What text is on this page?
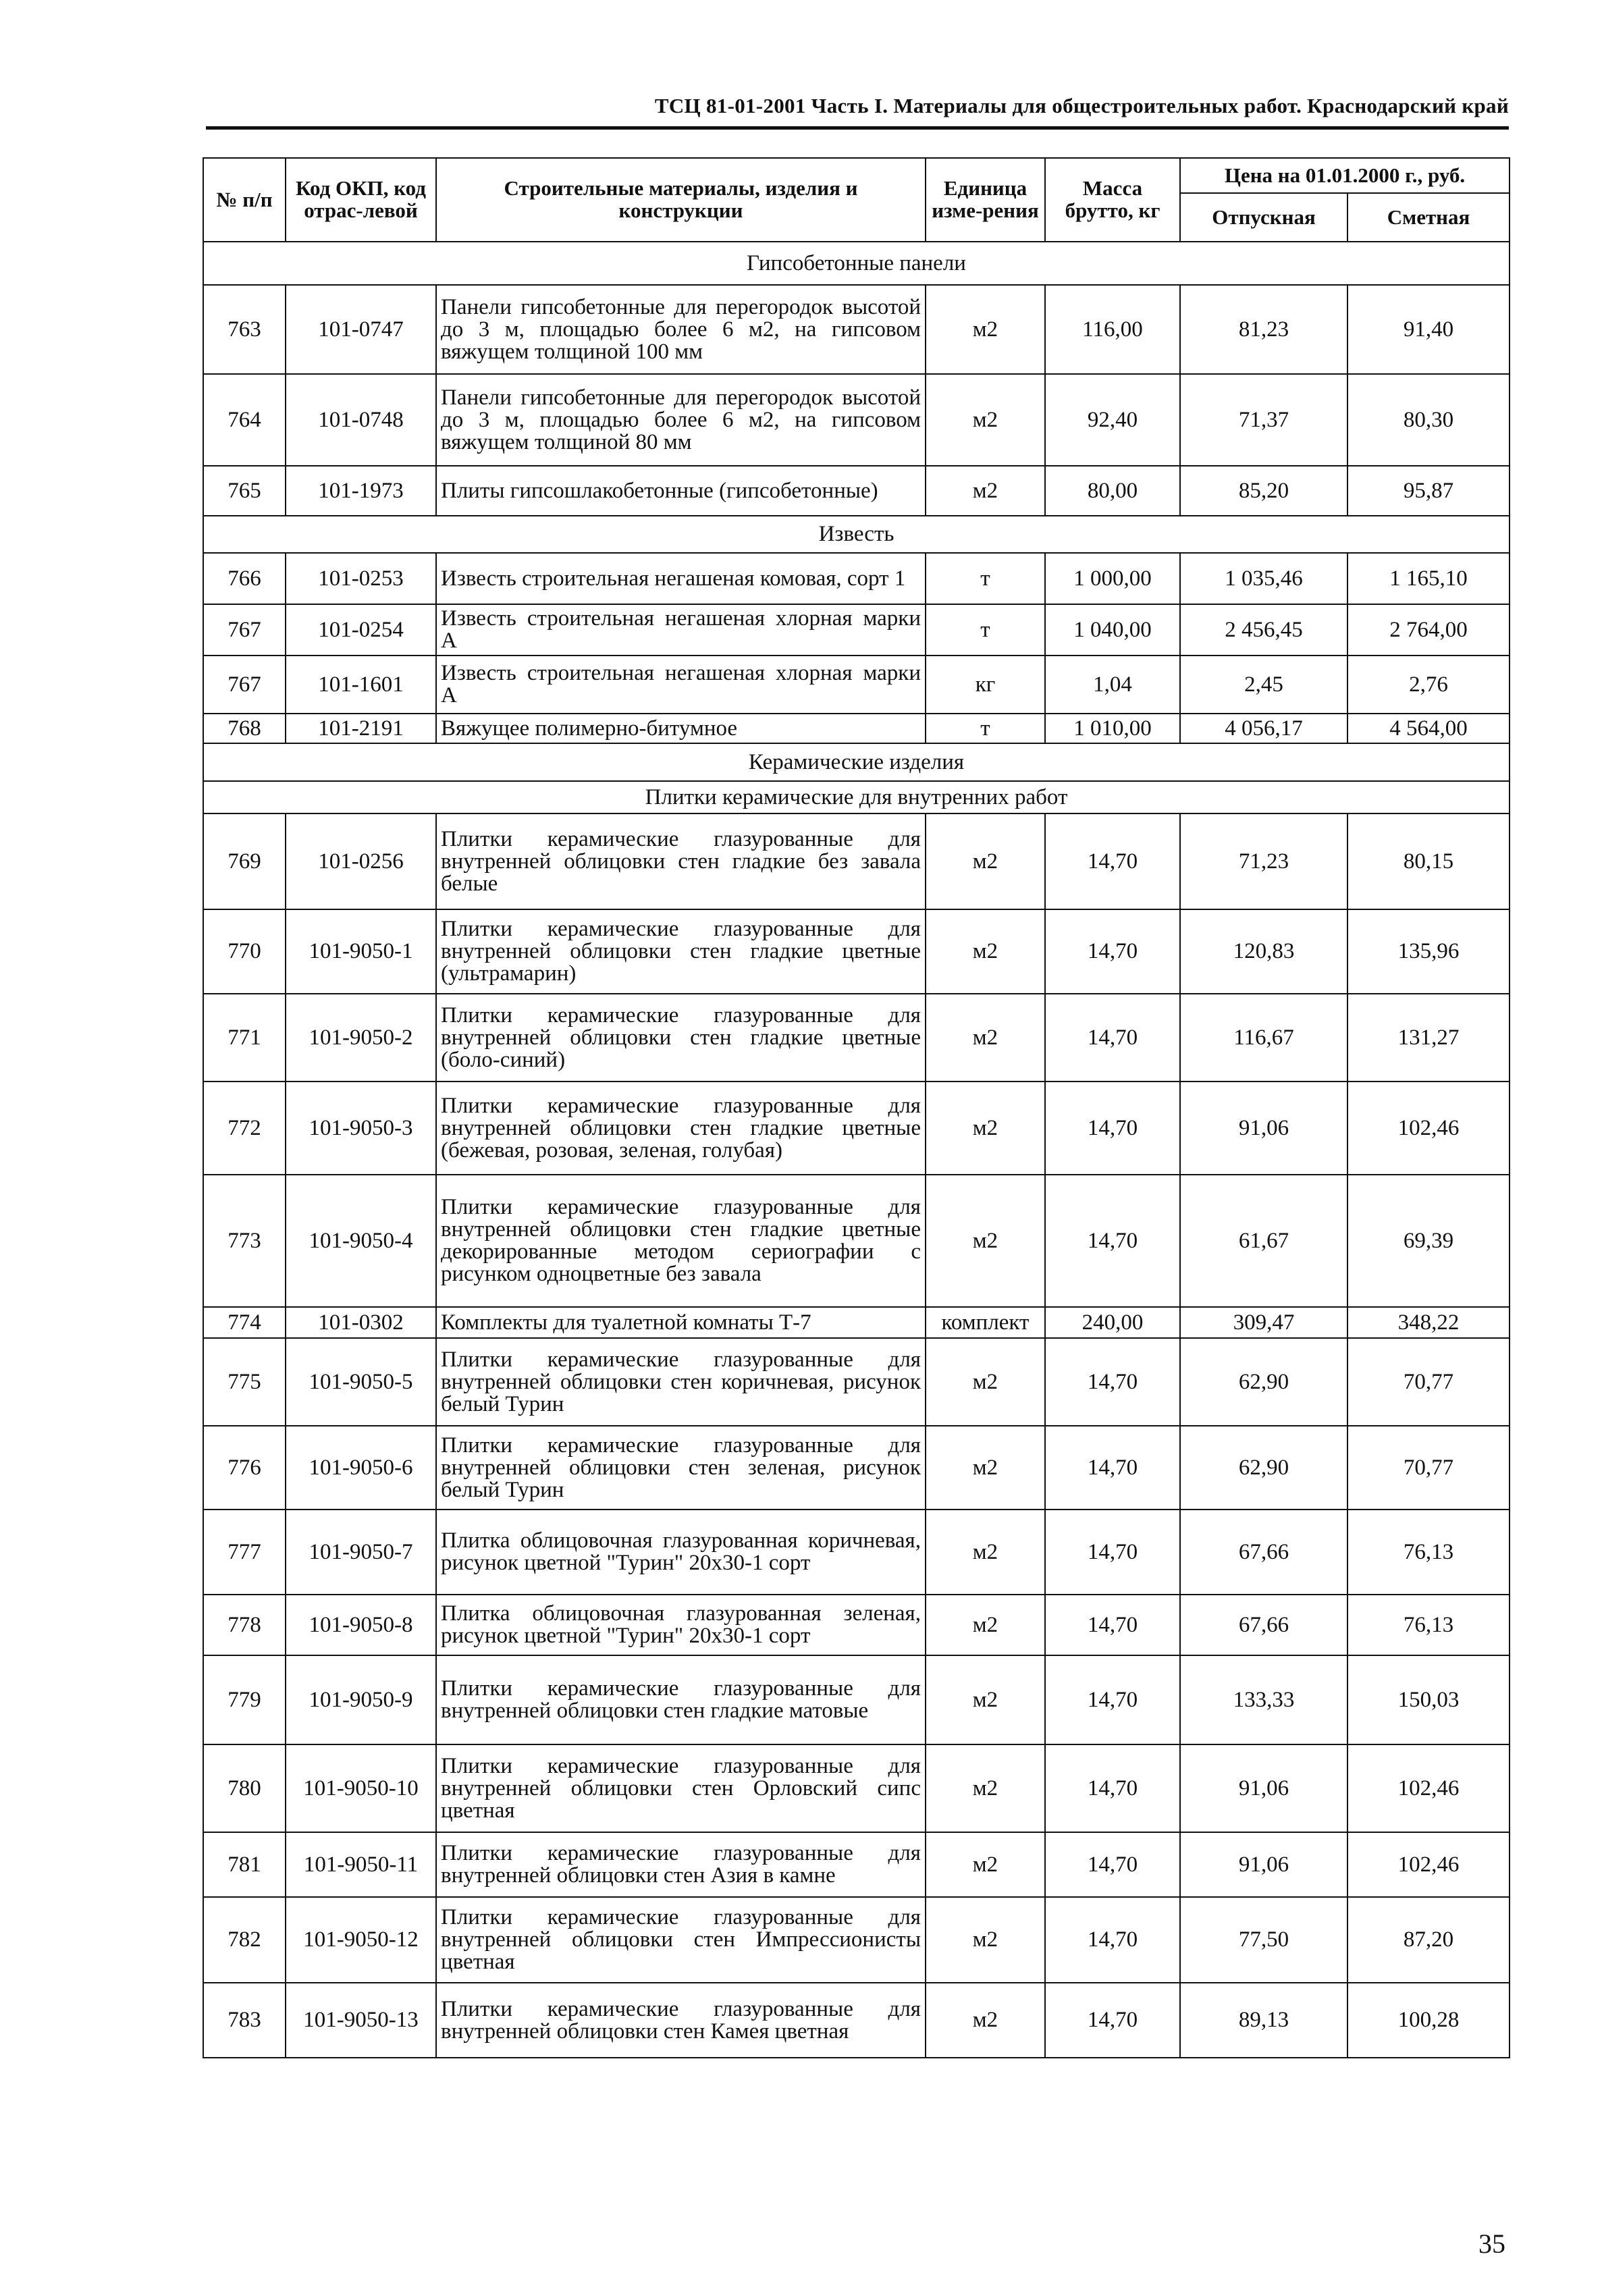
ТСЦ 81-01-2001 Часть I. Материалы для общестроительных работ. Краснодарский край
№ п/п	Код ОКП, код отрас-левой	Строительные материалы, изделия и конструкции	Единица изме-рения	Масса брутто, кг	Цена на 01.01.2000 г., руб.	
					Отпускная	Сметная
Гипсобетонные панели						
763	101-0747	Панели гипсобетонные для перегородок высотой до 3 м, площадью более 6 м2, на гипсовом вяжущем толщиной 100 мм	м2	116,00	81,23	91,40
764	101-0748	Панели гипсобетонные для перегородок высотой до 3 м, площадью более 6 м2, на гипсовом вяжущем толщиной 80 мм	м2	92,40	71,37	80,30
765	101-1973	Плиты гипсошлакобетонные (гипсобетонные)	м2	80,00	85,20	95,87
Известь						
766	101-0253	Известь строительная негашеная комовая, сорт 1	т	1 000,00	1 035,46	1 165,10
767	101-0254	Известь строительная негашеная хлорная марки А	т	1 040,00	2 456,45	2 764,00
767	101-1601	Известь строительная негашеная хлорная марки А	кг	1,04	2,45	2,76
768	101-2191	Вяжущее полимерно-битумное	т	1 010,00	4 056,17	4 564,00
Керамические изделия						
Плитки керамические для внутренних работ						
769	101-0256	Плитки керамические глазурованные для внутренней облицовки стен гладкие без завала белые	м2	14,70	71,23	80,15
770	101-9050-1	Плитки керамические глазурованные для внутренней облицовки стен гладкие цветные (ультрамарин)	м2	14,70	120,83	135,96
771	101-9050-2	Плитки керамические глазурованные для внутренней облицовки стен гладкие цветные (боло-синий)	м2	14,70	116,67	131,27
772	101-9050-3	Плитки керамические глазурованные для внутренней облицовки стен гладкие цветные (бежевая, розовая, зеленая, голубая)	м2	14,70	91,06	102,46
773	101-9050-4	Плитки керамические глазурованные для внутренней облицовки стен гладкие цветные декорированные методом сериографии с рисунком одноцветные без завала	м2	14,70	61,67	69,39
774	101-0302	Комплекты для туалетной комнаты Т-7	комплект	240,00	309,47	348,22
775	101-9050-5	Плитки керамические глазурованные для внутренней облицовки стен коричневая, рисунок белый Турин	м2	14,70	62,90	70,77
776	101-9050-6	Плитки керамические глазурованные для внутренней облицовки стен зеленая, рисунок белый Турин	м2	14,70	62,90	70,77
777	101-9050-7	Плитка облицовочная глазурованная коричневая, рисунок цветной "Турин" 20х30-1 сорт	м2	14,70	67,66	76,13
778	101-9050-8	Плитка облицовочная глазурованная зеленая, рисунок цветной "Турин" 20х30-1 сорт	м2	14,70	67,66	76,13
779	101-9050-9	Плитки керамические глазурованные для внутренней облицовки стен гладкие матовые	м2	14,70	133,33	150,03
780	101-9050-10	Плитки керамические глазурованные для внутренней облицовки стен Орловский сипс цветная	м2	14,70	91,06	102,46
781	101-9050-11	Плитки керамические глазурованные для внутренней облицовки стен Азия в камне	м2	14,70	91,06	102,46
782	101-9050-12	Плитки керамические глазурованные для внутренней облицовки стен Импрессионисты цветная	м2	14,70	77,50	87,20
783	101-9050-13	Плитки керамические глазурованные для внутренней облицовки стен Камея цветная	м2	14,70	89,13	100,28
35
